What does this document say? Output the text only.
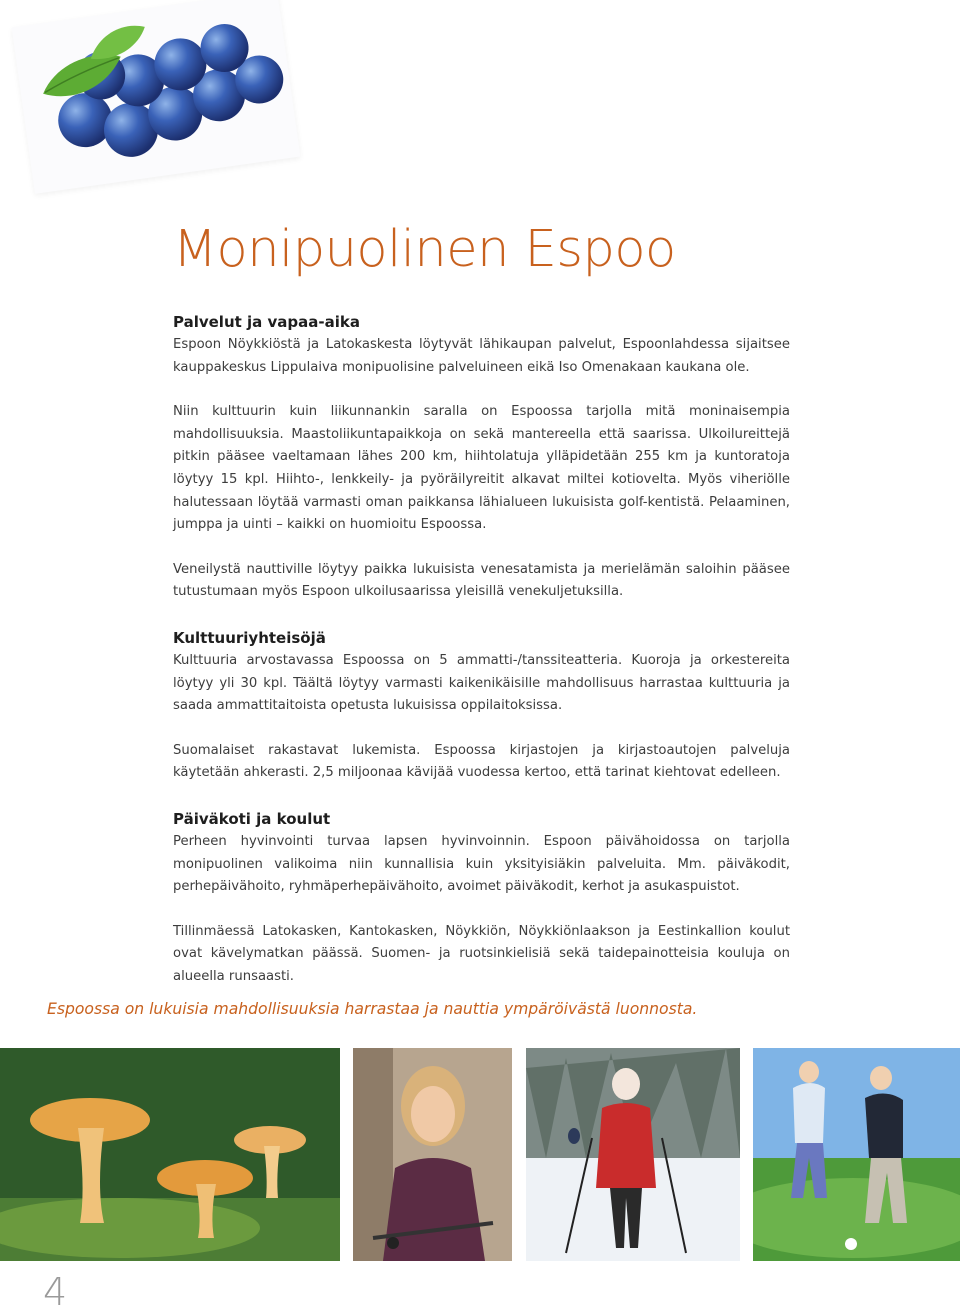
Monipuolinen Espoo
Palvelut ja vapaa-aika

Espoon Nöykkiöstä ja Latokaskesta löytyvät lähikaupan palvelut, Espoonlahdessa sijaitsee kauppakeskus Lippulaiva monipuolisine palveluineen eikä Iso Omenakaan kaukana ole.

Niin kulttuurin kuin liikunnankin saralla on Espoossa tarjolla mitä moninaisempia mahdollisuuksia. Maastoliikuntapaikkoja on sekä mantereella että saarissa. Ulkoilureittejä pitkin pääsee vaeltamaan lähes 200 km, hiihtolatuja ylläpidetään 255 km ja kuntoratoja löytyy 15 kpl. Hiihto-, lenkkeily- ja pyöräilyreitit alkavat miltei kotiovelta. Myös viheriölle halutessaan löytää varmasti oman paikkansa lähialueen lukuisista golf-kentistä. Pelaaminen, jumppa ja uinti – kaikki on huomioitu Espoossa.

Veneilystä nauttiville löytyy paikka lukuisista venesatamista ja merielämän saloihin pääsee tutustumaan myös Espoon ulkoilusaarissa yleisillä venekuljetuksilla.

Kulttuuriyhteisöjä

Kulttuuria arvostavassa Espoossa on 5 ammatti-/tanssiteatteria. Kuoroja ja orkestereita löytyy yli 30 kpl. Täältä löytyy varmasti kaikenikäisille mahdollisuus harrastaa kulttuuria ja saada ammattitaitoista opetusta lukuisissa oppilaitoksissa.

Suomalaiset rakastavat lukemista. Espoossa kirjastojen ja kirjastoautojen palveluja käytetään ahkerasti. 2,5 miljoonaa kävijää vuodessa kertoo, että tarinat kiehtovat edelleen.

Päiväkoti ja koulut

Perheen hyvinvointi turvaa lapsen hyvinvoinnin. Espoon päivähoidossa on tarjolla monipuolinen valikoima niin kunnallisia kuin yksityisiäkin palveluita. Mm. päiväkodit, perhepäivähoito, ryhmäperhepäivähoito, avoimet päiväkodit, kerhot ja asukaspuistot.

Tillinmäessä Latokasken, Kantokasken, Nöykkiön, Nöykkiönlaakson ja Eestinkallion koulut ovat kävelymatkan päässä. Suomen- ja ruotsinkielisiä sekä taidepainotteisia kouluja on alueella runsaasti.

Espoossa on lukuisia mahdollisuuksia harrastaa ja nauttia ympäröivästä luonnosta.

4
